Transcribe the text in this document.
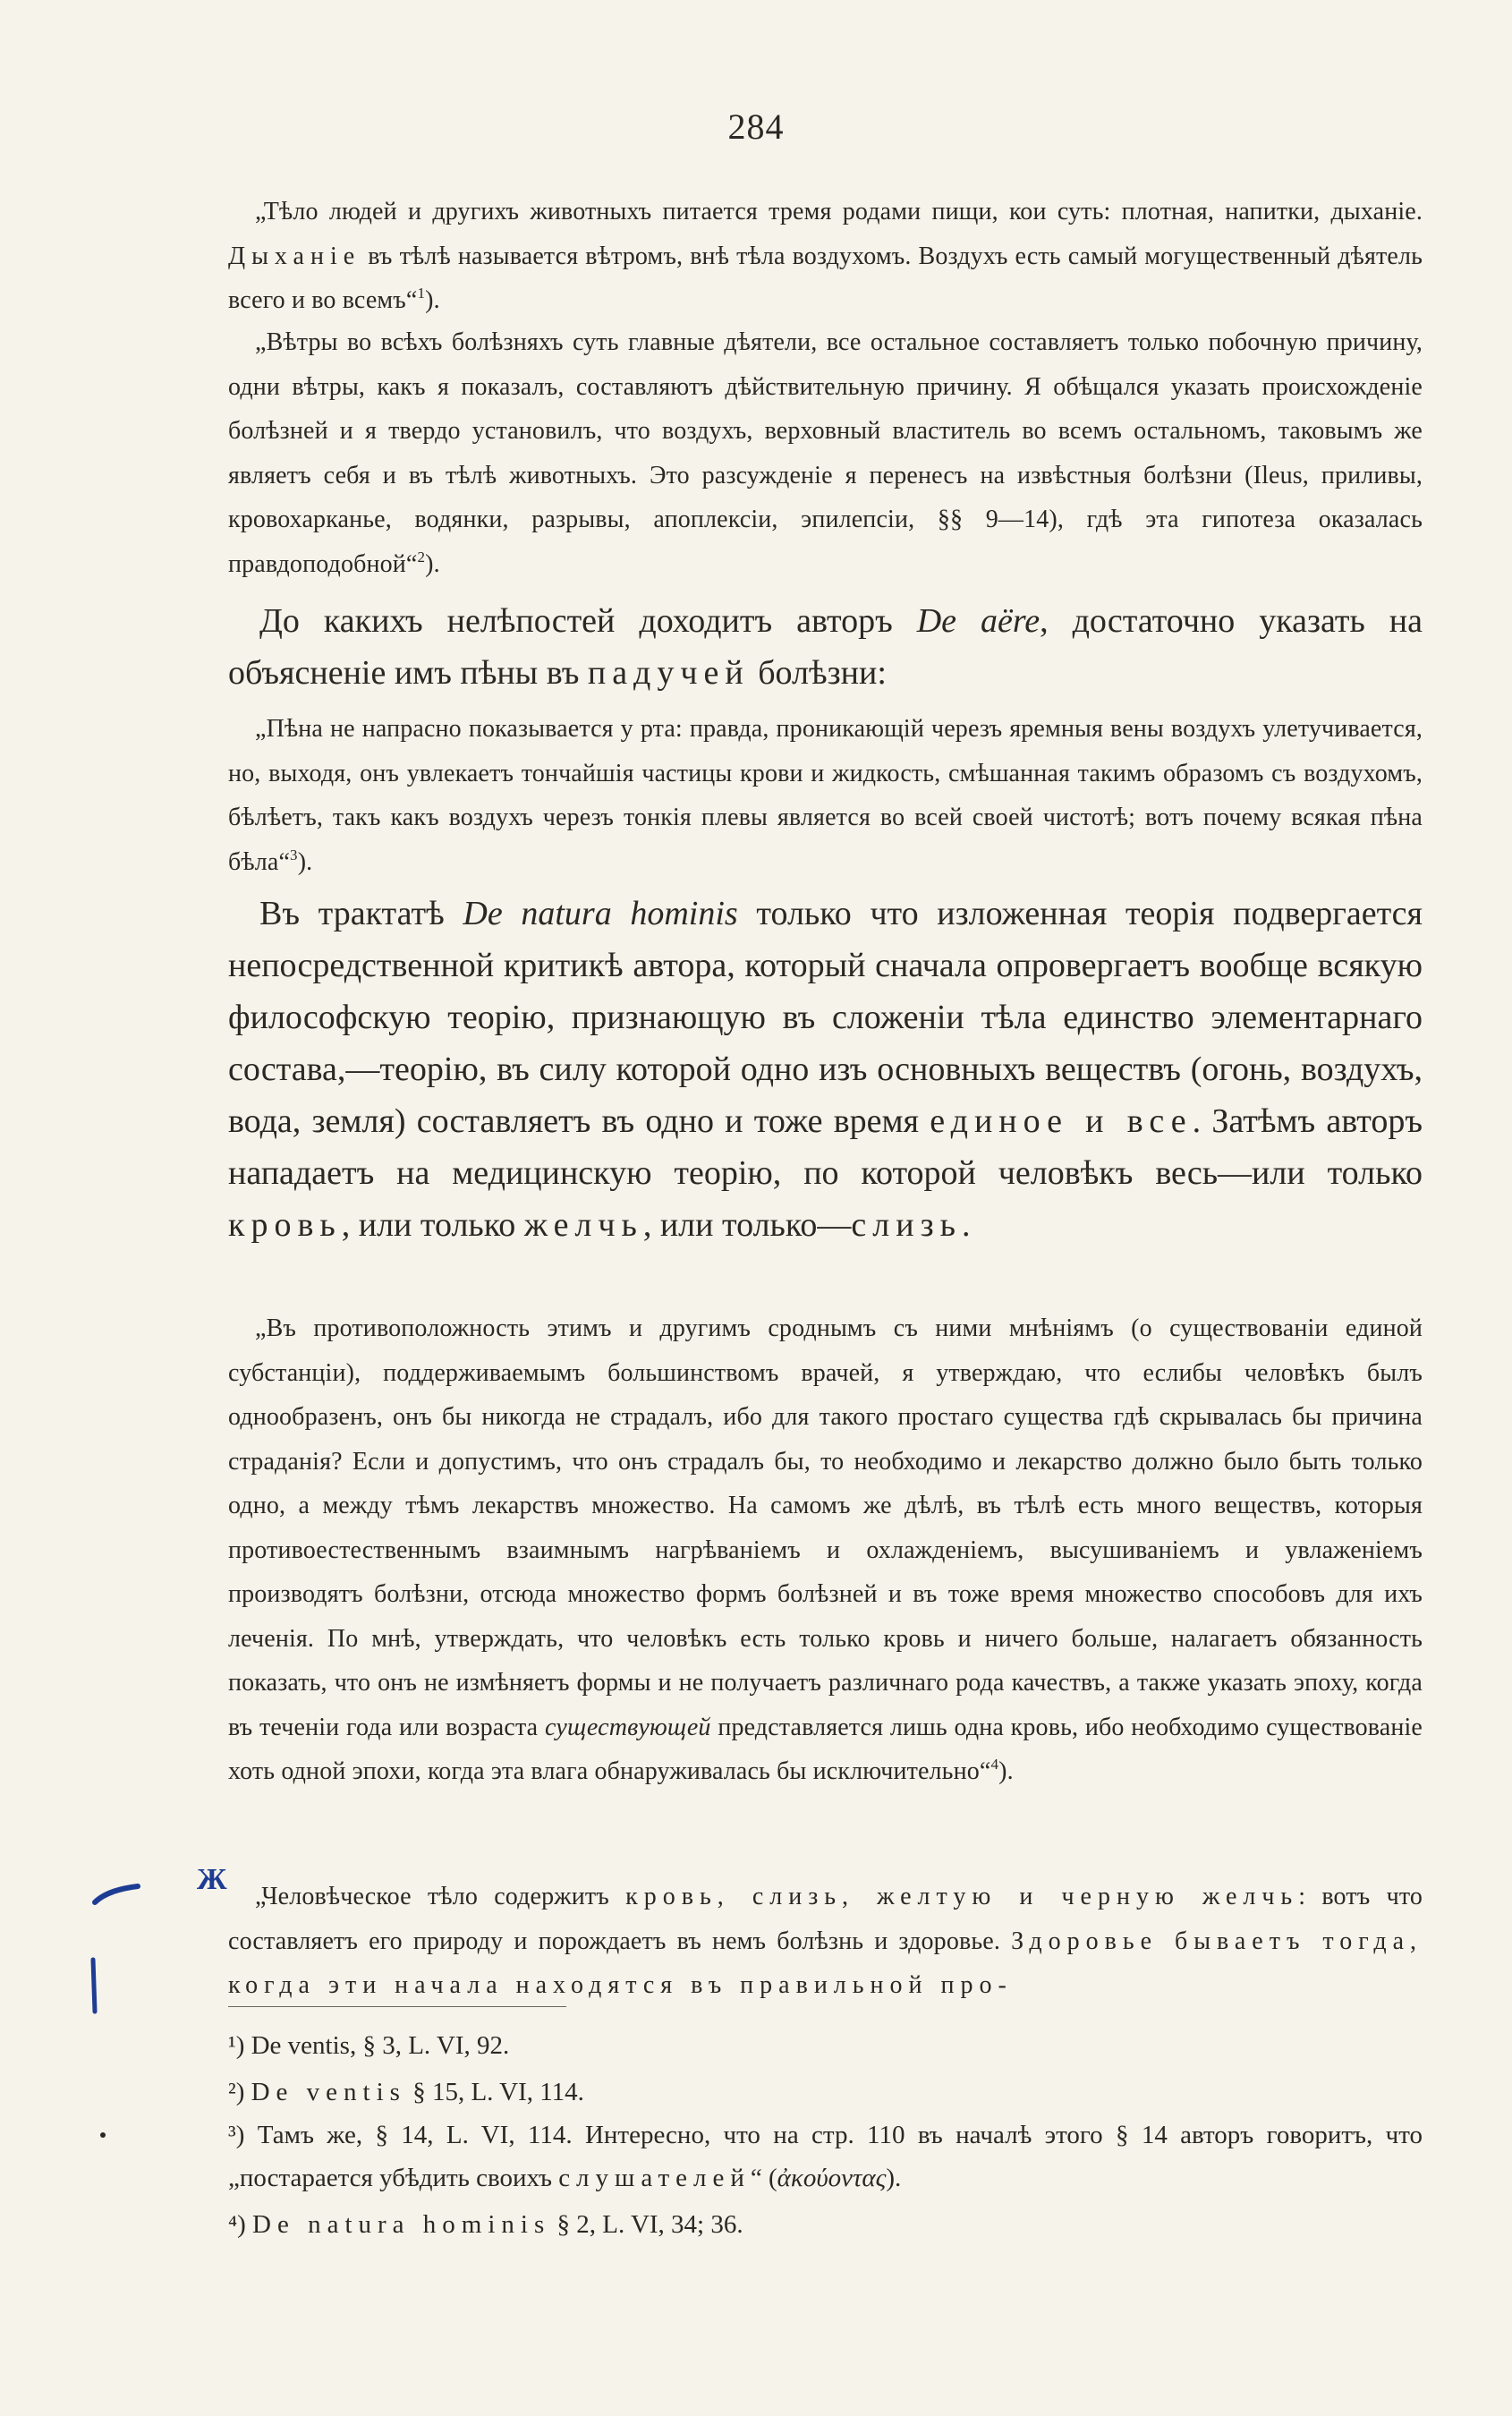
284
„Тѣло людей и другихъ животныхъ питается тремя родами пищи, кои суть: плотная, напитки, дыханіе. Дыханіе въ тѣлѣ называется вѣтромъ, внѣ тѣла воздухомъ. Воздухъ есть самый могущественный дѣятель всего и во всемъ“$^1$).
„Вѣтры во всѣхъ болѣзняхъ суть главные дѣятели, все остальное составляетъ только побочную причину, одни вѣтры, какъ я показалъ, составляютъ дѣйствительную причину. Я обѣщался указать происхожденіе болѣзней и я твердо установилъ, что воздухъ, верховный властитель во всемъ остальномъ, таковымъ же являетъ себя и въ тѣлѣ животныхъ. Это разсужденіе я перенесъ на извѣстныя болѣзни (Ileus, приливы, кровохарканье, водянки, разрывы, апоплексіи, эпилепсіи, §§ 9—14), гдѣ эта гипотеза оказалась правдоподобной“$^2$).
До какихъ нелѣпостей доходитъ авторъ De aëre, достаточно указать на объясненіе имъ пѣны въ падучей болѣзни:
„Пѣна не напрасно показывается у рта: правда, проникающій черезъ яремныя вены воздухъ улетучивается, но, выходя, онъ увлекаетъ тончайшія частицы крови и жидкость, смѣшанная такимъ образомъ съ воздухомъ, бѣлѣетъ, такъ какъ воздухъ черезъ тонкія плевы является во всей своей чистотѣ; вотъ почему всякая пѣна бѣла“$^3$).
Въ трактатѣ De natura hominis только что изложенная теорія подвергается непосредственной критикѣ автора, который сначала опровергаетъ вообще всякую философскую теорію, признающую въ сложеніи тѣла единство элементарнаго состава,—теорію, въ силу которой одно изъ основныхъ веществъ (огонь, воздухъ, вода, земля) составляетъ въ одно и тоже время единое и все. Затѣмъ авторъ нападаетъ на медицинскую теорію, по которой человѣкъ весь—или только кровь, или только желчь, или только—слизь.
„Въ противоположность этимъ и другимъ сроднымъ съ ними мнѣніямъ (о существованіи единой субстанціи), поддерживаемымъ большинствомъ врачей, я утверждаю, что еслибы человѣкъ былъ однообразенъ, онъ бы никогда не страдалъ, ибо для такого простаго существа гдѣ скрывалась бы причина страданія? Если и допустимъ, что онъ страдалъ бы, то необходимо и лекарство должно было быть только одно, а между тѣмъ лекарствъ множество. На самомъ же дѣлѣ, въ тѣлѣ есть много веществъ, которыя противоестественнымъ взаимнымъ нагрѣваніемъ и охлажденіемъ, высушиваніемъ и увлаженіемъ производятъ болѣзни, отсюда множество формъ болѣзней и въ тоже время множество способовъ для ихъ леченія. По мнѣ, утверждать, что человѣкъ есть только кровь и ничего больше, налагаетъ обязанность показать, что онъ не измѣняетъ формы и не получаетъ различнаго рода качествъ, а также указать эпоху, когда въ теченіи года или возраста существующей представляется лишь одна кровь, ибо необходимо существованіе хоть одной эпохи, когда эта влага обнаруживалась бы исключительно“$^4$).
„Человѣческое тѣло содержитъ кровь, слизь, желтую и черную желчь: вотъ что составляетъ его природу и порождаетъ въ немъ болѣзнь и здоровье. Здоровье бываетъ тогда, когда эти начала находятся въ правильной про-
Ж
¹) De ventis, § 3, L. VI, 92.
²) De ventis § 15, L. VI, 114.
³) Тамъ же, § 14, L. VI, 114. Интересно, что на стр. 110 въ началѣ этого § 14 авторъ говоритъ, что „постарается убѣдить своихъ слушателей“ (ἀκούοντας).
⁴) De natura hominis § 2, L. VI, 34; 36.
